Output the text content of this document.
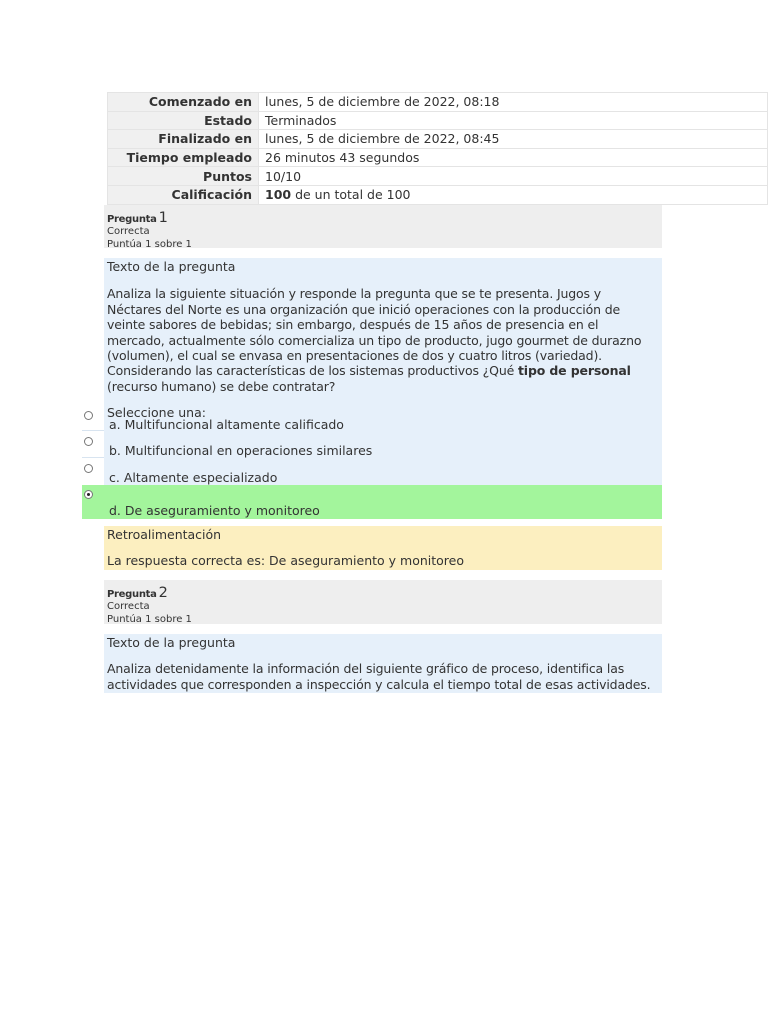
Comenzado en	lunes, 5 de diciembre de 2022, 08:18
Estado	Terminados
Finalizado en	lunes, 5 de diciembre de 2022, 08:45
Tiempo empleado	26 minutos 43 segundos
Puntos	10/10
Calificación	100 de un total de 100
Pregunta 1
Correcta
Puntúa 1 sobre 1

Texto de la pregunta

Analiza la siguiente situación y responde la pregunta que se te presenta. Jugos y Néctares del Norte es una organización que inició operaciones con la producción de veinte sabores de bebidas; sin embargo, después de 15 años de presencia en el mercado, actualmente sólo comercializa un tipo de producto, jugo gourmet de durazno (volumen), el cual se envasa en presentaciones de dos y cuatro litros (variedad). Considerando las características de los sistemas productivos ¿Qué tipo de personal (recurso humano) se debe contratar?

Seleccione una:

a. Multifuncional altamente calificado
b. Multifuncional en operaciones similares
c. Altamente especializado
d. De aseguramiento y monitoreo
Retroalimentación
La respuesta correcta es: De aseguramiento y monitoreo
Pregunta 2
Correcta
Puntúa 1 sobre 1

Texto de la pregunta

Analiza detenidamente la información del siguiente gráfico de proceso, identifica las actividades que corresponden a inspección y calcula el tiempo total de esas actividades.
